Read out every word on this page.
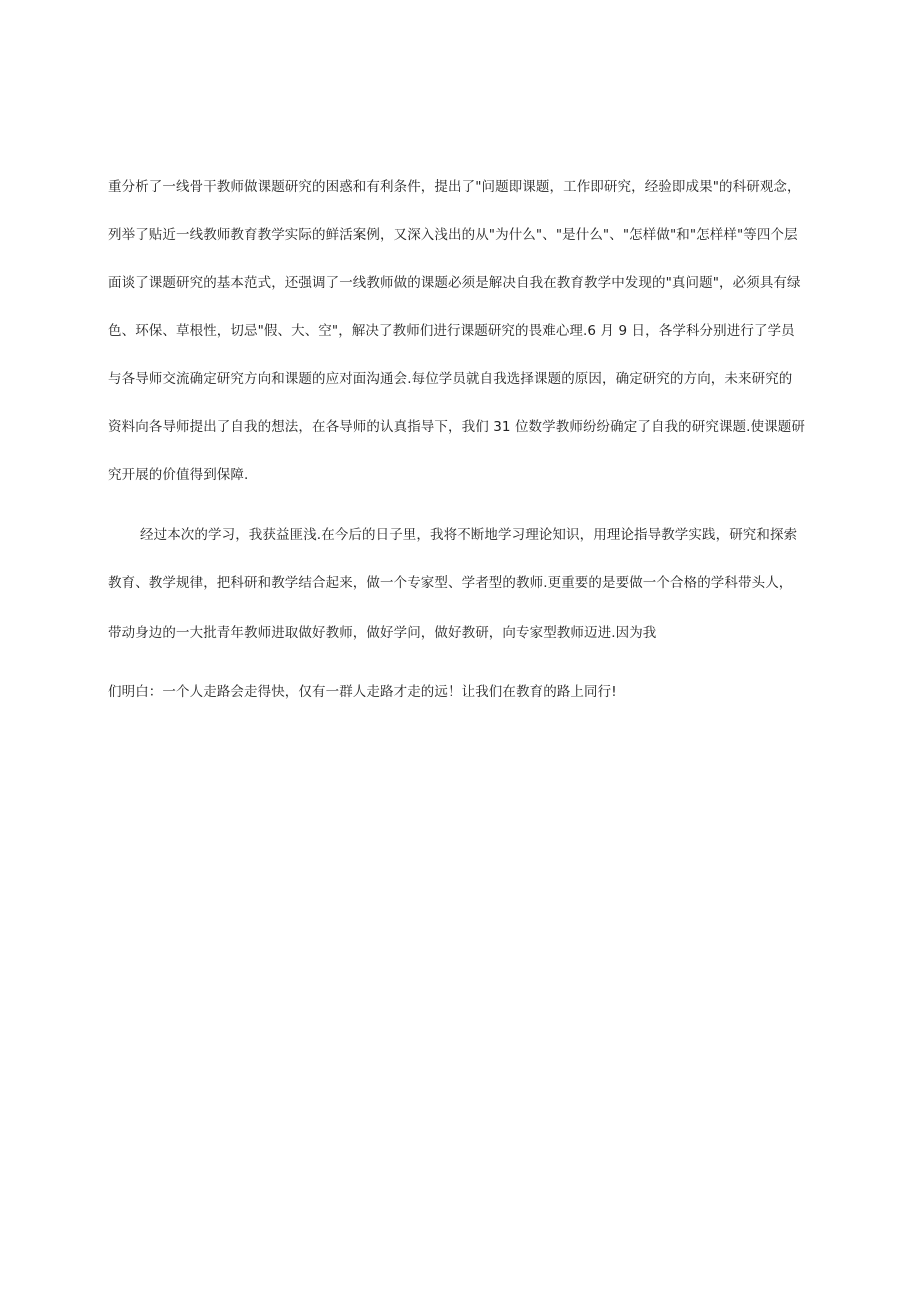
重分析了一线骨干教师做课题研究的困惑和有利条件，提出了"问题即课题，工作即研究，经验即成果"的科研观念，
列举了贴近一线教师教育教学实际的鲜活案例，又深入浅出的从"为什么"、"是什么"、"怎样做"和"怎样样"等四个层
面谈了课题研究的基本范式，还强调了一线教师做的课题必须是解决自我在教育教学中发现的"真问题"，必须具有绿
色、环保、草根性，切忌"假、大、空"，解决了教师们进行课题研究的畏难心理.6 月 9 日，各学科分别进行了学员
与各导师交流确定研究方向和课题的应对面沟通会.每位学员就自我选择课题的原因，确定研究的方向，未来研究的
资料向各导师提出了自我的想法，在各导师的认真指导下，我们 31 位数学教师纷纷确定了自我的研究课题.使课题研
究开展的价值得到保障.
经过本次的学习，我获益匪浅.在今后的日子里，我将不断地学习理论知识，用理论指导教学实践，研究和探索
教育、教学规律，把科研和教学结合起来，做一个专家型、学者型的教师.更重要的是要做一个合格的学科带头人，
带动身边的一大批青年教师进取做好教师，做好学问，做好教研，向专家型教师迈进.因为我
们明白：一个人走路会走得快，仅有一群人走路才走的远！让我们在教育的路上同行!
